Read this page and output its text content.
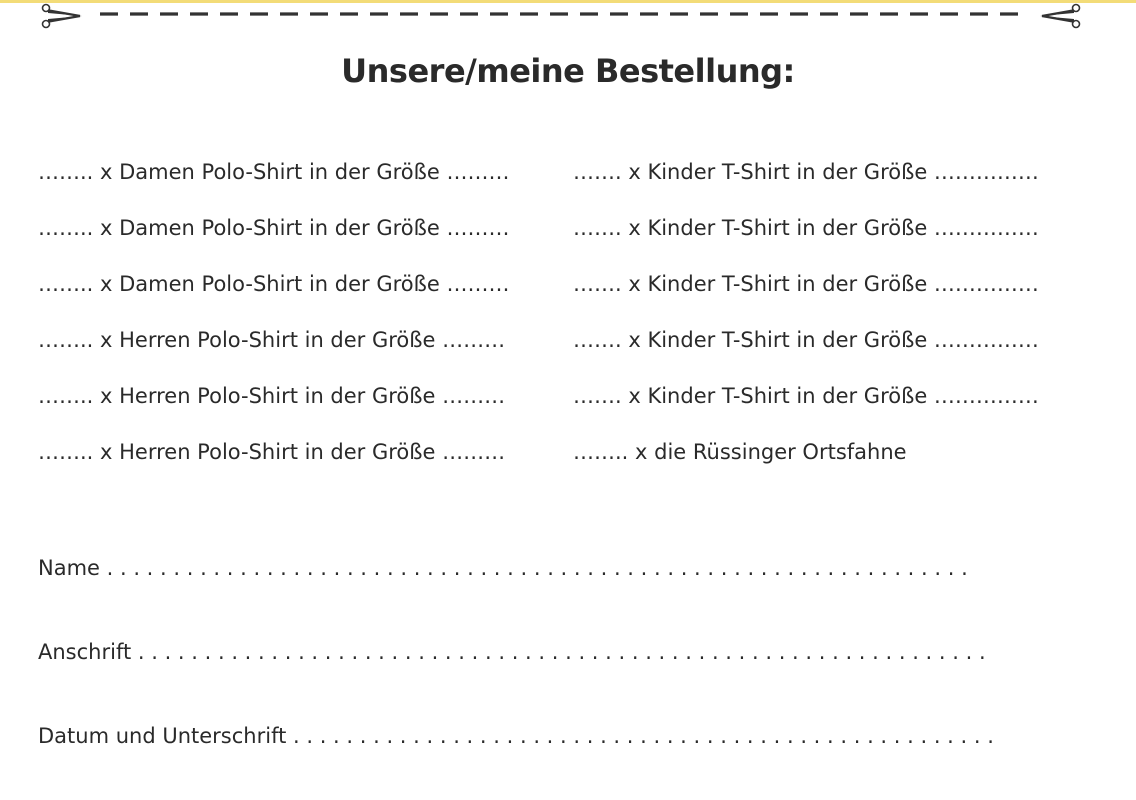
Unsere/meine Bestellung:
…….. x Damen Polo-Shirt in der Größe ………
…….. x Damen Polo-Shirt in der Größe ………
…….. x Damen Polo-Shirt in der Größe ………
…….. x Herren Polo-Shirt in der Größe ………
…….. x Herren Polo-Shirt in der Größe ………
…….. x Herren Polo-Shirt in der Größe ………
……. x Kinder T-Shirt in der Größe ……………
……. x Kinder T-Shirt in der Größe ……………
……. x Kinder T-Shirt in der Größe ……………
……. x Kinder T-Shirt in der Größe ……………
……. x Kinder T-Shirt in der Größe ……………
…….. x die Rüssinger Ortsfahne
Name . . . . . . . . . . . . . . . . . . . . . . . . . . . . . . . . . . . . . . . . . . . . . . . . . . . . . . . . . . . . . . . . .
Anschrift . . . . . . . . . . . . . . . . . . . . . . . . . . . . . . . . . . . . . . . . . . . . . . . . . . . . . . . . . . . . . . . .
Datum und Unterschrift . . . . . . . . . . . . . . . . . . . . . . . . . . . . . . . . . . . . . . . . . . . . . . . . . . . . .
